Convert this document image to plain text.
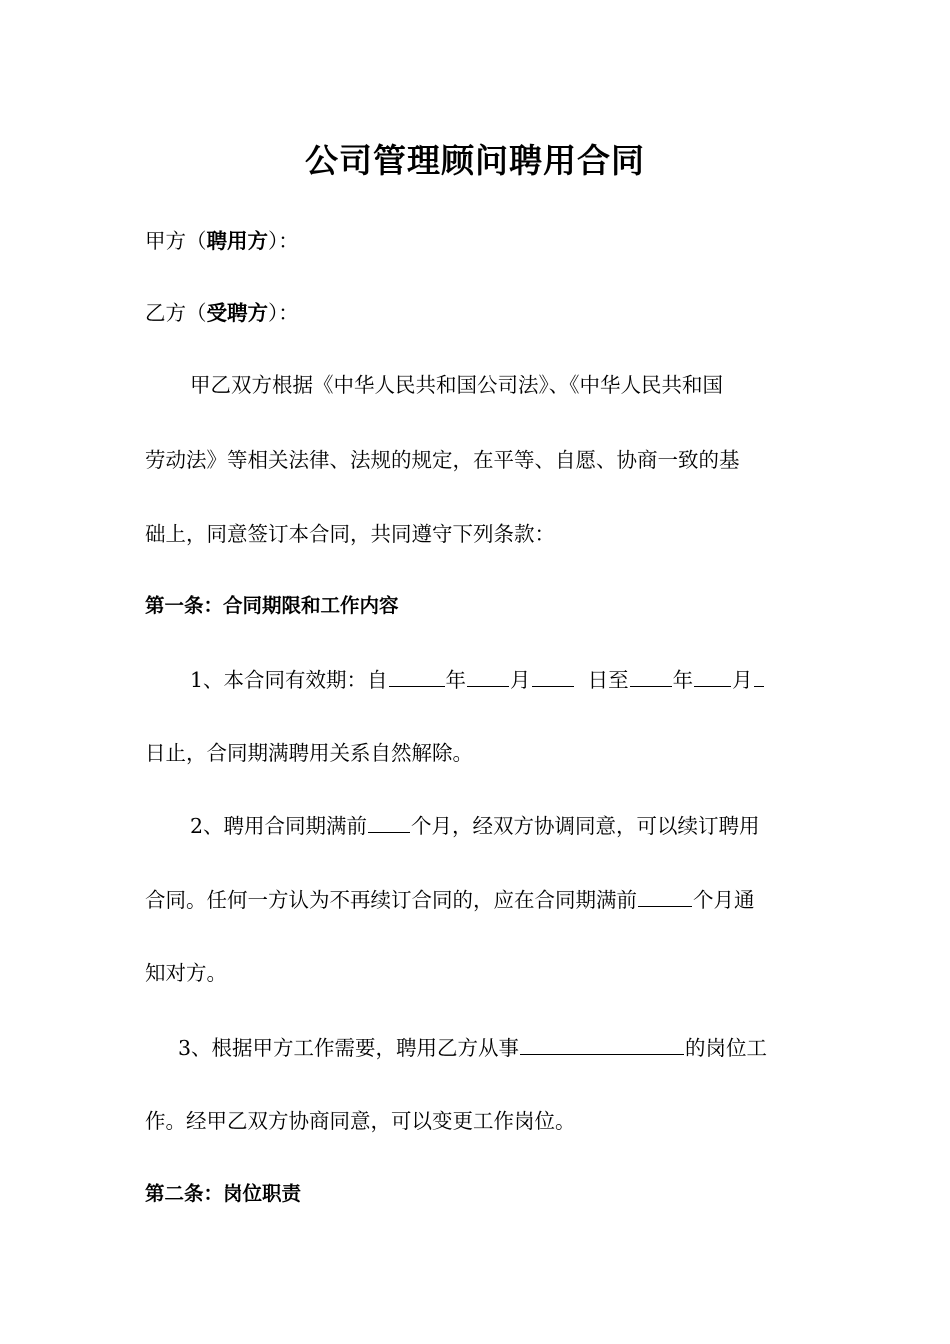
公司管理顾问聘用合同
甲方（聘用方）：
乙方（受聘方）：
甲乙双方根据《中华人民共和国公司法》、《中华人民共和国
劳动法》等相关法律、法规的规定，在平等、自愿、协商一致的基
础上，同意签订本合同，共同遵守下列条款：
第一条：合同期限和工作内容
1、本合同有效期：自	年 月	日至 年 月
日止，合同期满聘用关系自然解除。
2、聘用合同期满前 个月，经双方协调同意，可以续订聘用
合同。任何一方认为不再续订合同的，应在合同期满前	个月通
知对方。
3、根据甲方工作需要，聘用乙方从事	的岗位工
作。经甲乙双方协商同意，可以变更工作岗位。
第二条：岗位职责
